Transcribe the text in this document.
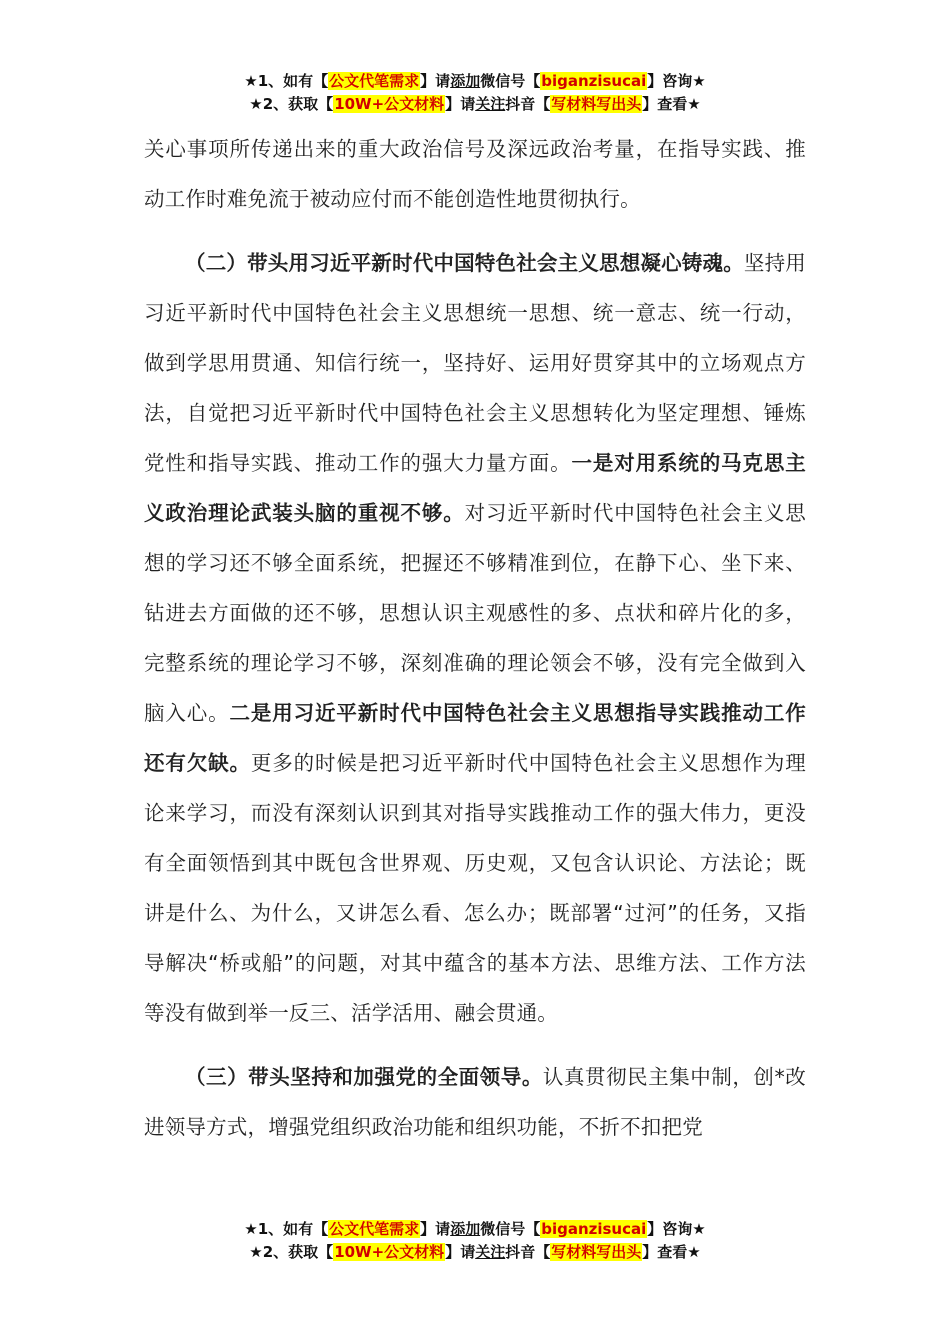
★1、如有【公文代笔需求】请添加微信号【biganzisucai】咨询★
★2、获取【10W+公文材料】请关注抖音【写材料写出头】查看★

关心事项所传递出来的重大政治信号及深远政治考量，在指导实践、推动工作时难免流于被动应付而不能创造性地贯彻执行。

（二）带头用习近平新时代中国特色社会主义思想凝心铸魂。坚持用习近平新时代中国特色社会主义思想统一思想、统一意志、统一行动，做到学思用贯通、知信行统一，坚持好、运用好贯穿其中的立场观点方法，自觉把习近平新时代中国特色社会主义思想转化为坚定理想、锤炼党性和指导实践、推动工作的强大力量方面。一是对用系统的马克思主义政治理论武装头脑的重视不够。对习近平新时代中国特色社会主义思想的学习还不够全面系统，把握还不够精准到位，在静下心、坐下来、钻进去方面做的还不够，思想认识主观感性的多、点状和碎片化的多，完整系统的理论学习不够，深刻准确的理论领会不够，没有完全做到入脑入心。二是用习近平新时代中国特色社会主义思想指导实践推动工作还有欠缺。更多的时候是把习近平新时代中国特色社会主义思想作为理论来学习，而没有深刻认识到其对指导实践推动工作的强大伟力，更没有全面领悟到其中既包含世界观、历史观，又包含认识论、方法论；既讲是什么、为什么，又讲怎么看、怎么办；既部署“过河”的任务，又指导解决“桥或船”的问题，对其中蕴含的基本方法、思维方法、工作方法等没有做到举一反三、活学活用、融会贯通。

（三）带头坚持和加强党的全面领导。认真贯彻民主集中制，创*改进领导方式，增强党组织政治功能和组织功能，不折不扣把党

★1、如有【公文代笔需求】请添加微信号【biganzisucai】咨询★
★2、获取【10W+公文材料】请关注抖音【写材料写出头】查看★
